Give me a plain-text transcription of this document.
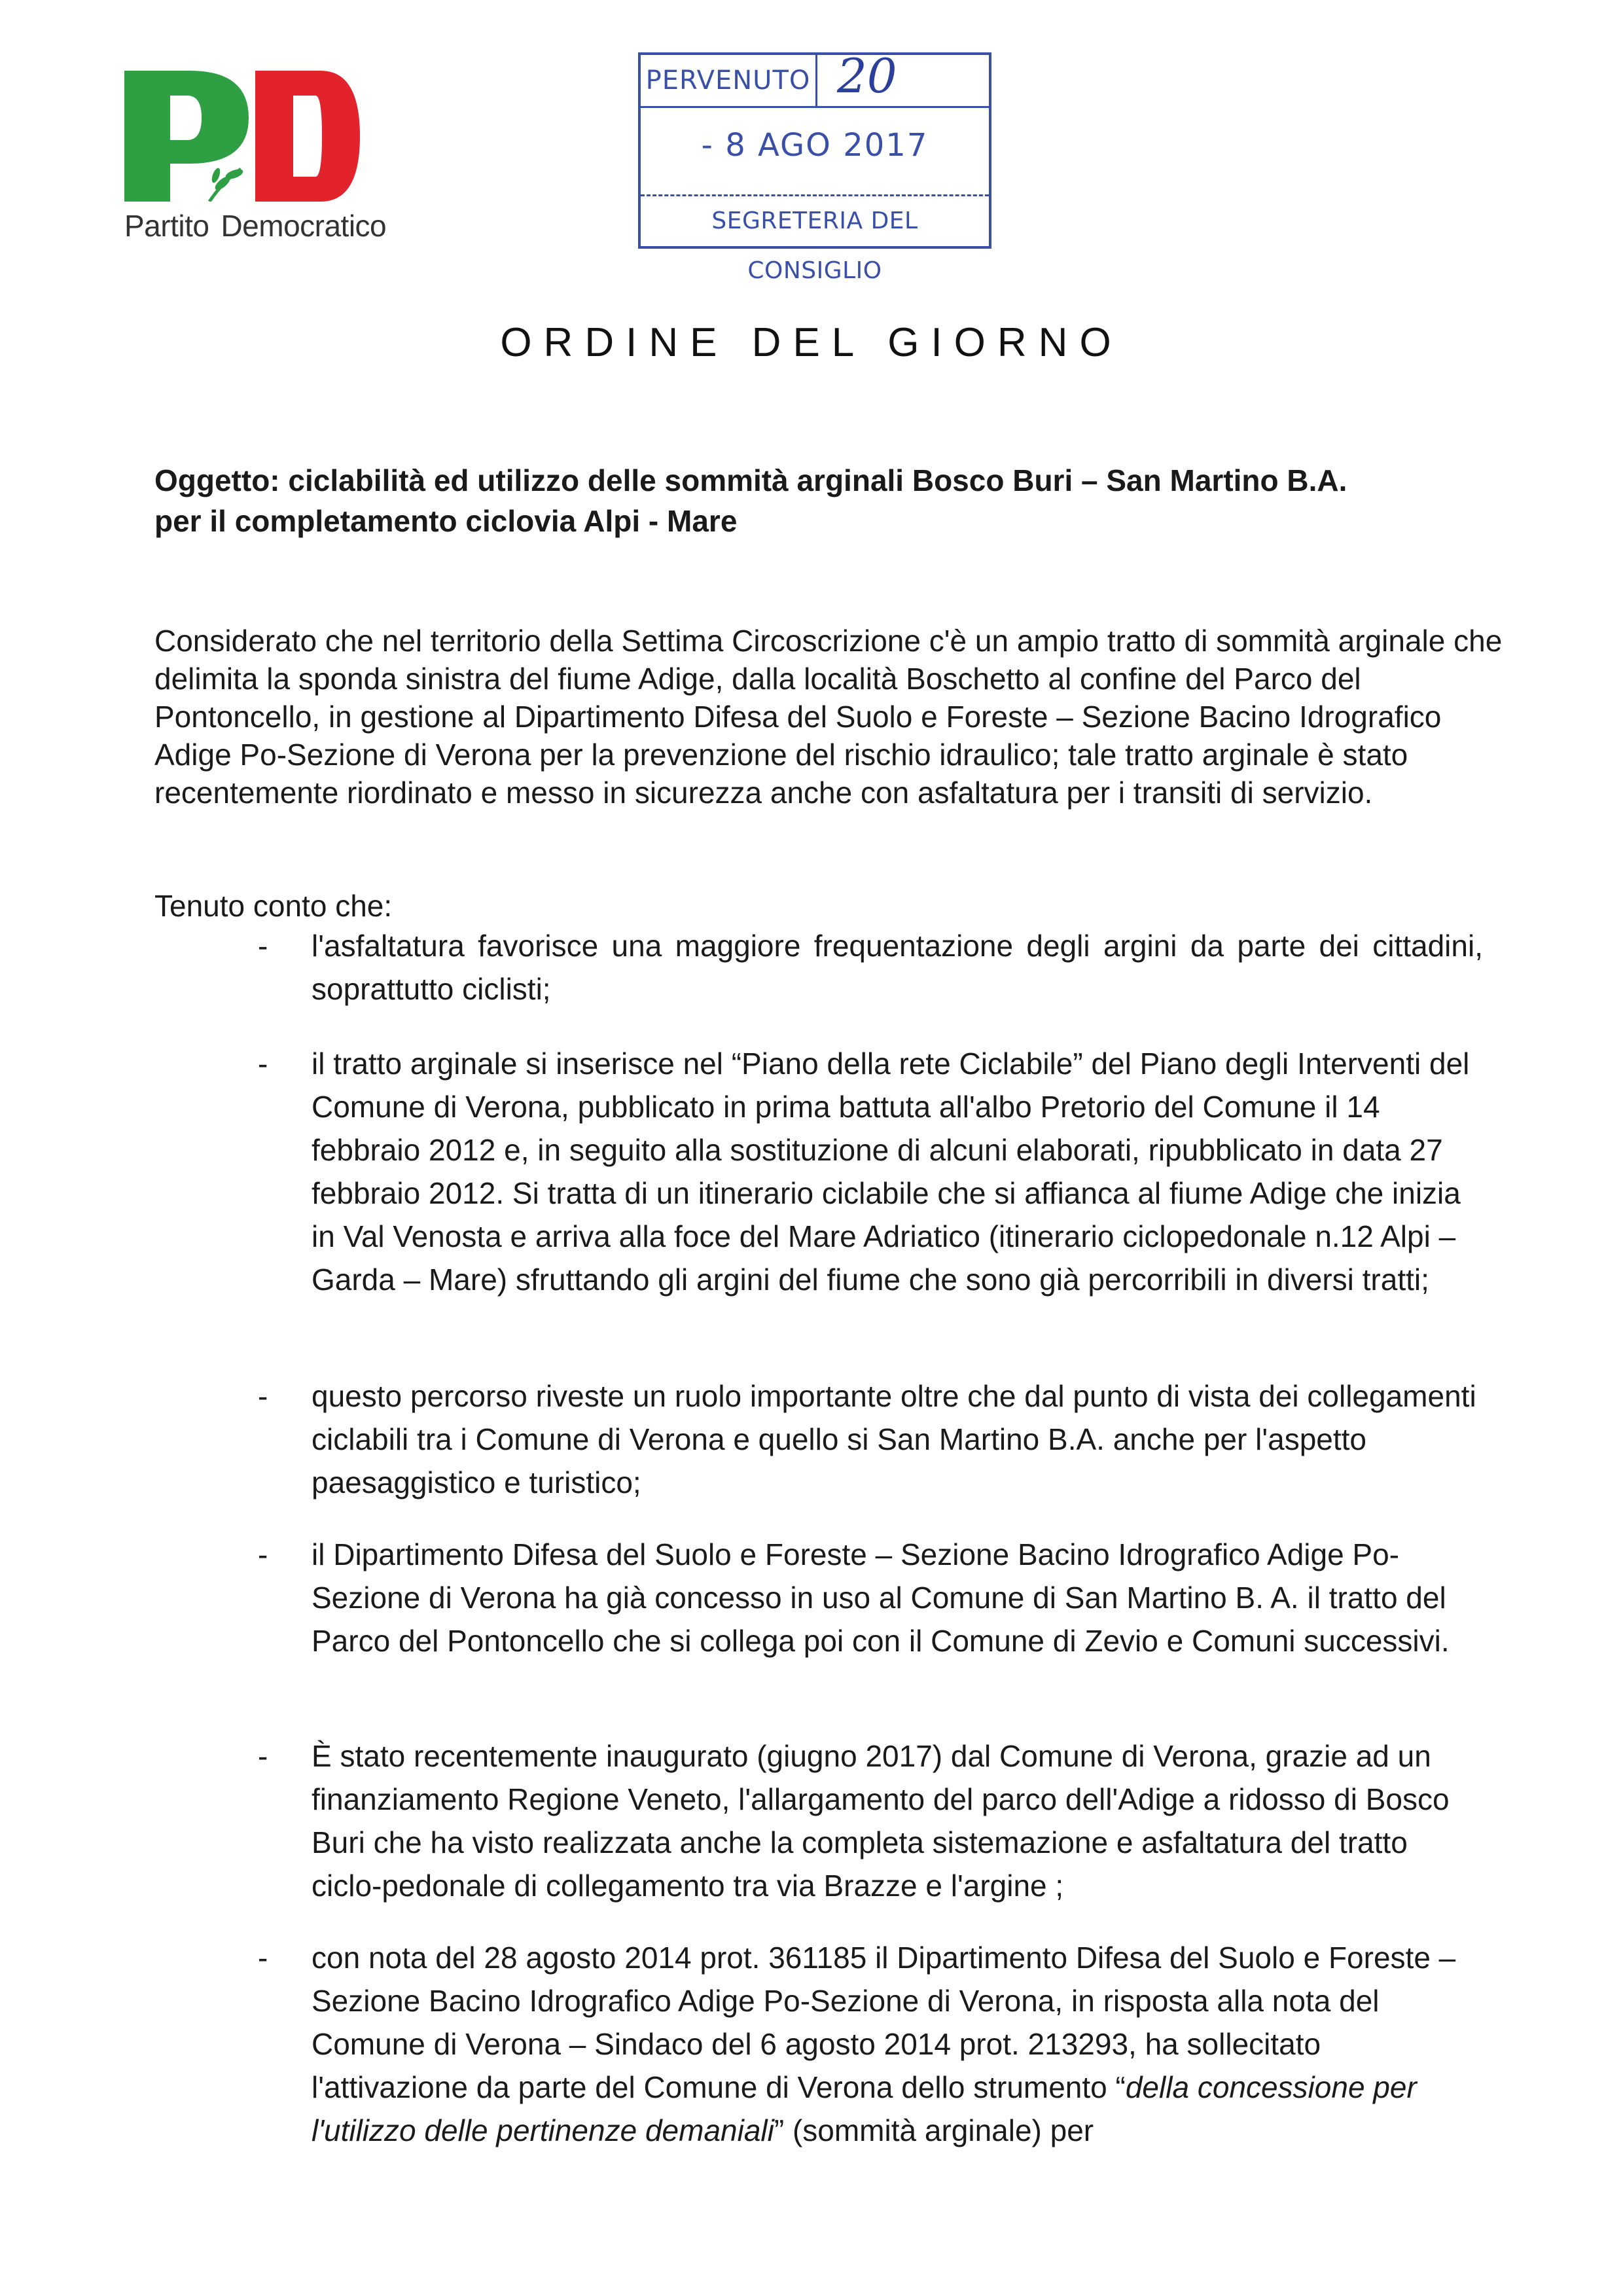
Partito Democratico
PERVENUTO 20
- 8 AGO 2017
SEGRETERIA DEL CONSIGLIO
ORDINE DEL GIORNO
Oggetto: ciclabilità ed utilizzo delle sommità arginali Bosco Buri – San Martino B.A.
per il completamento ciclovia Alpi - Mare

Considerato che nel territorio della Settima Circoscrizione c'è un ampio tratto di sommità arginale che delimita la sponda sinistra del fiume Adige, dalla località Boschetto al confine del Parco del Pontoncello, in gestione al Dipartimento Difesa del Suolo e Foreste – Sezione Bacino Idrografico Adige Po-Sezione di Verona per la prevenzione del rischio idraulico; tale tratto arginale è stato recentemente riordinato e messo in sicurezza anche con asfaltatura per i transiti di servizio.

Tenuto conto che:

- l'asfaltatura favorisce una maggiore frequentazione degli argini da parte dei cittadini, soprattutto ciclisti;

- il tratto arginale si inserisce nel “Piano della rete Ciclabile” del Piano degli Interventi del Comune di Verona, pubblicato in prima battuta all'albo Pretorio del Comune il 14 febbraio 2012 e, in seguito alla sostituzione di alcuni elaborati, ripubblicato in data 27 febbraio 2012. Si tratta di un itinerario ciclabile che si affianca al fiume Adige che inizia in Val Venosta e arriva alla foce del Mare Adriatico (itinerario ciclopedonale n.12 Alpi – Garda – Mare) sfruttando gli argini del fiume che sono già percorribili in diversi tratti;

- questo percorso riveste un ruolo importante oltre che dal punto di vista dei collegamenti ciclabili tra i Comune di Verona e quello si San Martino B.A. anche per l'aspetto paesaggistico e turistico;

- il Dipartimento Difesa del Suolo e Foreste – Sezione Bacino Idrografico Adige Po-Sezione di Verona ha già concesso in uso al Comune di San Martino B. A. il tratto del Parco del Pontoncello che si collega poi con il Comune di Zevio e Comuni successivi.

- È stato recentemente inaugurato (giugno 2017) dal Comune di Verona, grazie ad un finanziamento Regione Veneto, l'allargamento del parco dell'Adige a ridosso di Bosco Buri che ha visto realizzata anche la completa sistemazione e asfaltatura del tratto ciclo-pedonale di collegamento tra via Brazze e l'argine ;

- con nota del 28 agosto 2014 prot. 361185 il Dipartimento Difesa del Suolo e Foreste – Sezione Bacino Idrografico Adige Po-Sezione di Verona, in risposta alla nota del Comune di Verona – Sindaco del 6 agosto 2014 prot. 213293, ha sollecitato l'attivazione da parte del Comune di Verona dello strumento “della concessione per l'utilizzo delle pertinenze demaniali” (sommità arginale) per
